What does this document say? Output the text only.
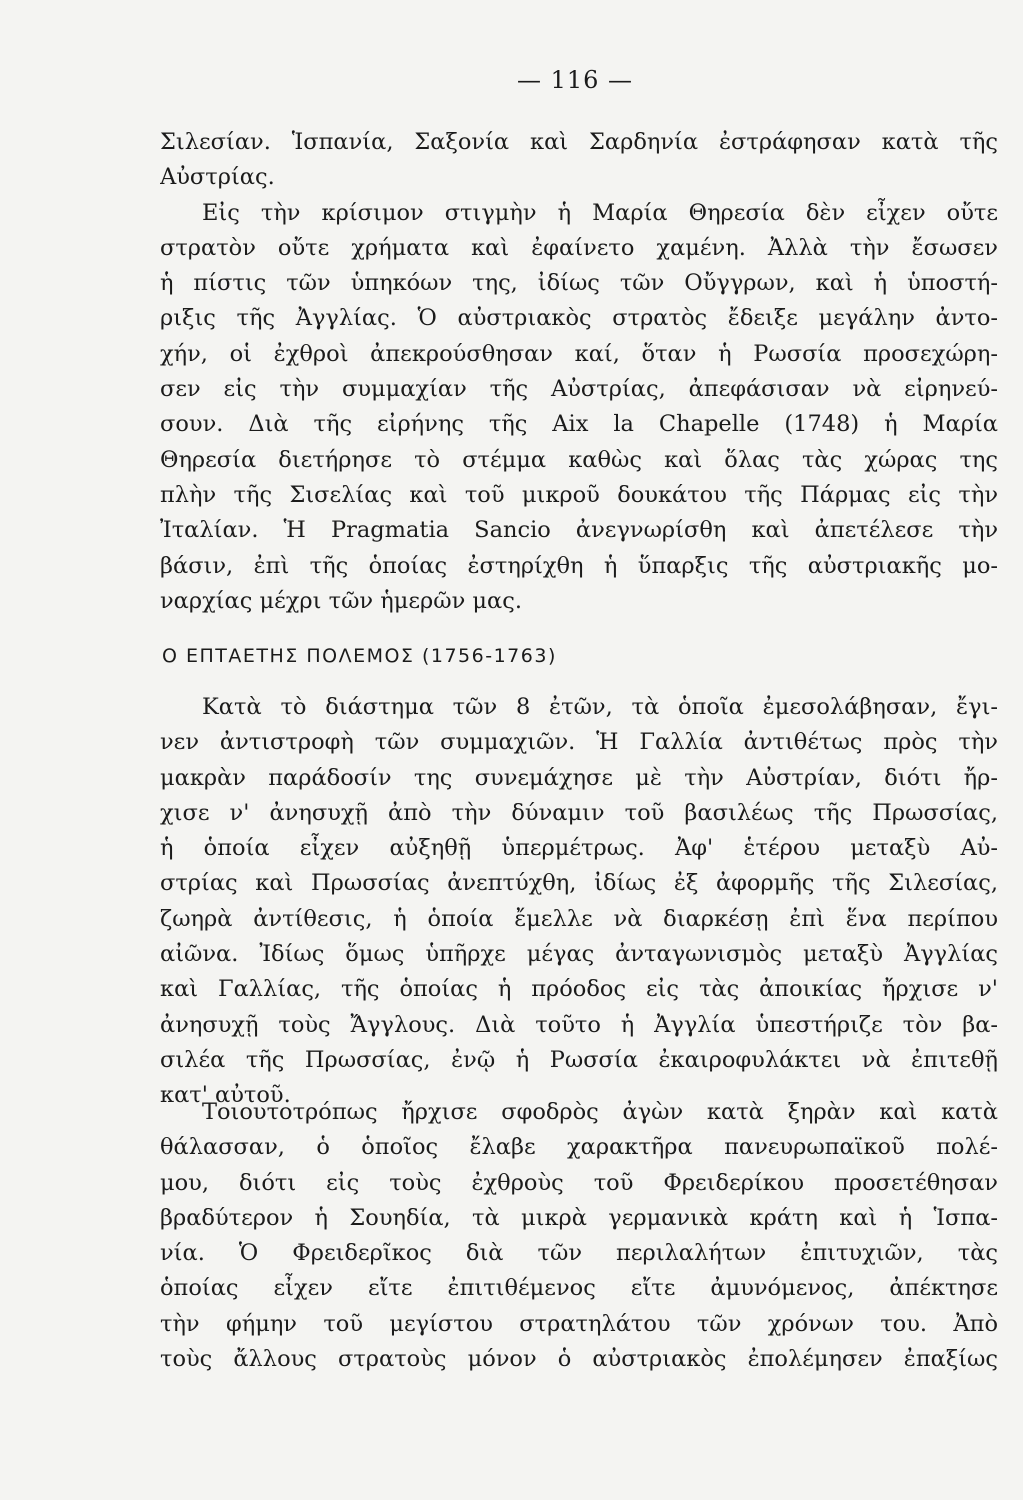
— 116 —
Σιλεσίαν. Ἱσπανία, Σαξονία καὶ Σαρδηνία ἐστράφησαν κατὰ τῆς
Αὐστρίας.
Εἰς τὴν κρίσιμον στιγμὴν ἡ Μαρία Θηρεσία δὲν εἶχεν οὔτε
στρατὸν οὔτε χρήματα καὶ ἐφαίνετο χαμένη. Ἀλλὰ τὴν ἔσωσεν
ἡ πίστις τῶν ὑπηκόων της, ἰδίως τῶν Οὔγγρων, καὶ ἡ ὑποστή-
ριξις τῆς Ἀγγλίας. Ὁ αὐστριακὸς στρατὸς ἔδειξε μεγάλην ἀντο-
χήν, οἱ ἐχθροὶ ἀπεκρούσθησαν καί, ὅταν ἡ Ρωσσία προσεχώρη-
σεν εἰς τὴν συμμαχίαν τῆς Αὐστρίας, ἀπεφάσισαν νὰ εἰρηνεύ-
σουν. Διὰ τῆς εἰρήνης τῆς Aix la Chapelle (1748) ἡ Μαρία
Θηρεσία διετήρησε τὸ στέμμα καθὼς καὶ ὅλας τὰς χώρας της
πλὴν τῆς Σισελίας καὶ τοῦ μικροῦ δουκάτου τῆς Πάρμας εἰς τὴν
Ἰταλίαν. Ἡ Pragmatia Sancio ἀνεγνωρίσθη καὶ ἀπετέλεσε τὴν
βάσιν, ἐπὶ τῆς ὁποίας ἐστηρίχθη ἡ ὕπαρξις τῆς αὐστριακῆς μο-
ναρχίας μέχρι τῶν ἡμερῶν μας.
Ο ΕΠΤΑΕΤΗΣ ΠΟΛΕΜΟΣ (1756-1763)
Κατὰ τὸ διάστημα τῶν 8 ἐτῶν, τὰ ὁποῖα ἐμεσολάβησαν, ἔγι-
νεν ἀντιστροφὴ τῶν συμμαχιῶν. Ἡ Γαλλία ἀντιθέτως πρὸς τὴν
μακρὰν παράδοσίν της συνεμάχησε μὲ τὴν Αὐστρίαν, διότι ἤρ-
χισε ν' ἀνησυχῇ ἀπὸ τὴν δύναμιν τοῦ βασιλέως τῆς Πρωσσίας,
ἡ ὁποία εἶχεν αὐξηθῇ ὑπερμέτρως. Ἀφ' ἑτέρου μεταξὺ Αὐ-
στρίας καὶ Πρωσσίας ἀνεπτύχθη, ἰδίως ἐξ ἀφορμῆς τῆς Σιλεσίας,
ζωηρὰ ἀντίθεσις, ἡ ὁποία ἔμελλε νὰ διαρκέσῃ ἐπὶ ἕνα περίπου
αἰῶνα. Ἰδίως ὅμως ὑπῆρχε μέγας ἀνταγωνισμὸς μεταξὺ Ἀγγλίας
καὶ Γαλλίας, τῆς ὁποίας ἡ πρόοδος εἰς τὰς ἀποικίας ἤρχισε ν'
ἀνησυχῇ τοὺς Ἄγγλους. Διὰ τοῦτο ἡ Ἀγγλία ὑπεστήριζε τὸν βα-
σιλέα τῆς Πρωσσίας, ἐνῷ ἡ Ρωσσία ἐκαιροφυλάκτει νὰ ἐπιτεθῇ
κατ' αὐτοῦ.
Τοιουτοτρόπως ἤρχισε σφοδρὸς ἀγὼν κατὰ ξηρὰν καὶ κατὰ
θάλασσαν, ὁ ὁποῖος ἔλαβε χαρακτῆρα πανευρωπαϊκοῦ πολέ-
μου, διότι εἰς τοὺς ἐχθροὺς τοῦ Φρειδερίκου προσετέθησαν
βραδύτερον ἡ Σουηδία, τὰ μικρὰ γερμανικὰ κράτη καὶ ἡ Ἱσπα-
νία. Ὁ Φρειδερῖκος διὰ τῶν περιλαλήτων ἐπιτυχιῶν, τὰς
ὁποίας εἶχεν εἴτε ἐπιτιθέμενος εἴτε ἀμυνόμενος, ἀπέκτησε
τὴν φήμην τοῦ μεγίστου στρατηλάτου τῶν χρόνων του. Ἀπὸ
τοὺς ἄλλους στρατοὺς μόνον ὁ αὐστριακὸς ἐπολέμησεν ἐπαξίως
